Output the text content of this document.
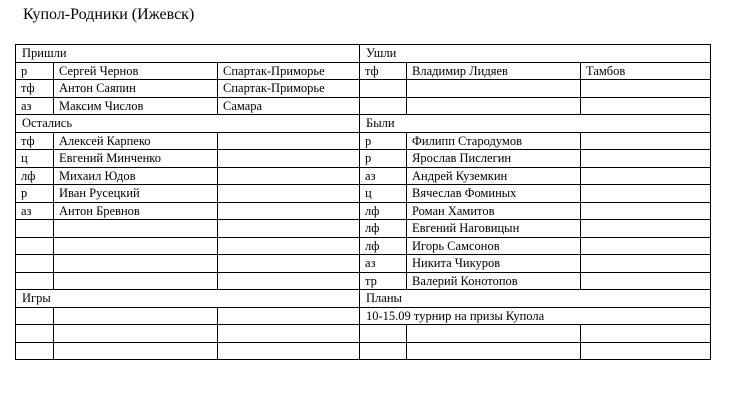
Купол-Родники (Ижевск)
Пришли			Ушли		
р	Сергей Чернов	Спартак-Приморье	тф	Владимир Лидяев	Тамбов
тф	Антон Саяпин	Спартак-Приморье			
аз	Максим Числов	Самара			
Остались			Были		
тф	Алексей Карпеко		р	Филипп Стародумов	
ц	Евгений Минченко		р	Ярослав Пислегин	
лф	Михаил Юдов		аз	Андрей Куземкин	
р	Иван Русецкий		ц	Вячеслав Фоминых	
аз	Антон Бревнов		лф	Роман Хамитов	
			лф	Евгений Наговицын	
			лф	Игорь Самсонов	
			аз	Никита Чикуров	
			тр	Валерий Конотопов	
Игры			Планы		
			10-15.09 турнир на призы Купола		
